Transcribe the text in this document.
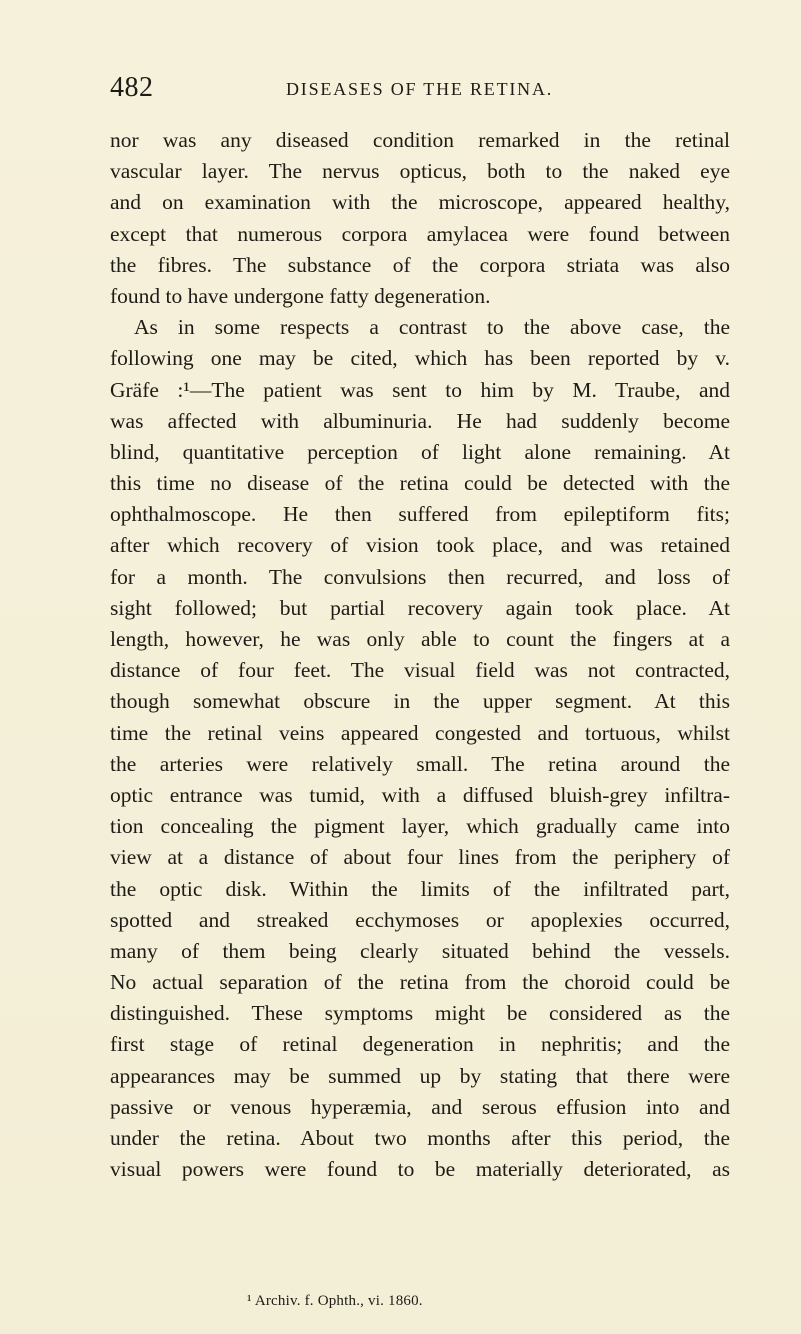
482	DISEASES OF THE RETINA.
nor was any diseased condition remarked in the retinal
vascular layer. The nervus opticus, both to the naked eye
and on examination with the microscope, appeared healthy,
except that numerous corpora amylacea were found between
the fibres. The substance of the corpora striata was also
found to have undergone fatty degeneration.
As in some respects a contrast to the above case, the
following one may be cited, which has been reported by v.
Gräfe :¹—The patient was sent to him by M. Traube, and
was affected with albuminuria. He had suddenly become
blind, quantitative perception of light alone remaining. At
this time no disease of the retina could be detected with the
ophthalmoscope. He then suffered from epileptiform fits;
after which recovery of vision took place, and was retained
for a month. The convulsions then recurred, and loss of
sight followed; but partial recovery again took place. At
length, however, he was only able to count the fingers at a
distance of four feet. The visual field was not contracted,
though somewhat obscure in the upper segment. At this
time the retinal veins appeared congested and tortuous, whilst
the arteries were relatively small. The retina around the
optic entrance was tumid, with a diffused bluish-grey infiltra-
tion concealing the pigment layer, which gradually came into
view at a distance of about four lines from the periphery of
the optic disk. Within the limits of the infiltrated part,
spotted and streaked ecchymoses or apoplexies occurred,
many of them being clearly situated behind the vessels.
No actual separation of the retina from the choroid could be
distinguished. These symptoms might be considered as the
first stage of retinal degeneration in nephritis; and the
appearances may be summed up by stating that there were
passive or venous hyperæmia, and serous effusion into and
under the retina. About two months after this period, the
visual powers were found to be materially deteriorated, as
¹ Archiv. f. Ophth., vi. 1860.
